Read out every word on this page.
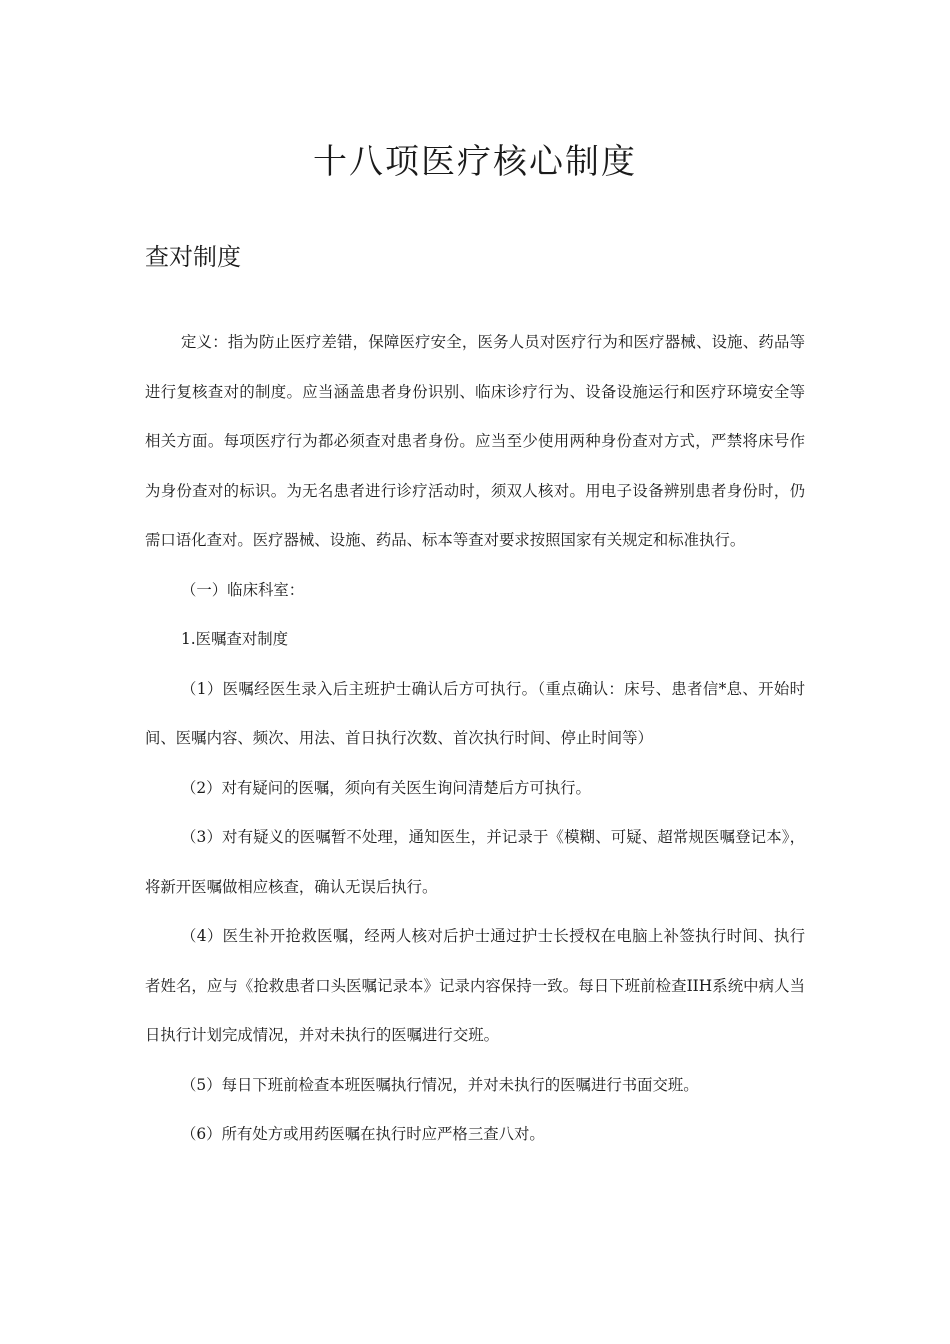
十八项医疗核心制度
查对制度

定义：指为防止医疗差错，保障医疗安全，医务人员对医疗行为和医疗器械、设施、药品等进行复核查对的制度。应当涵盖患者身份识别、临床诊疗行为、设备设施运行和医疗环境安全等相关方面。每项医疗行为都必须查对患者身份。应当至少使用两种身份查对方式，严禁将床号作为身份查对的标识。为无名患者进行诊疗活动时，须双人核对。用电子设备辨别患者身份时，仍需口语化查对。医疗器械、设施、药品、标本等查对要求按照国家有关规定和标准执行。

（一）临床科室：

1.医嘱查对制度

（1）医嘱经医生录入后主班护士确认后方可执行。（重点确认：床号、患者信*息、开始时间、医嘱内容、频次、用法、首日执行次数、首次执行时间、停止时间等）

（2）对有疑问的医嘱，须向有关医生询问清楚后方可执行。

（3）对有疑义的医嘱暂不处理，通知医生，并记录于《模糊、可疑、超常规医嘱登记本》，将新开医嘱做相应核查，确认无误后执行。

（4）医生补开抢救医嘱，经两人核对后护士通过护士长授权在电脑上补签执行时间、执行者姓名，应与《抢救患者口头医嘱记录本》记录内容保持一致。每日下班前检查IIH系统中病人当日执行计划完成情况，并对未执行的医嘱进行交班。

（5）每日下班前检查本班医嘱执行情况，并对未执行的医嘱进行书面交班。

（6）所有处方或用药医嘱在执行时应严格三查八对。
